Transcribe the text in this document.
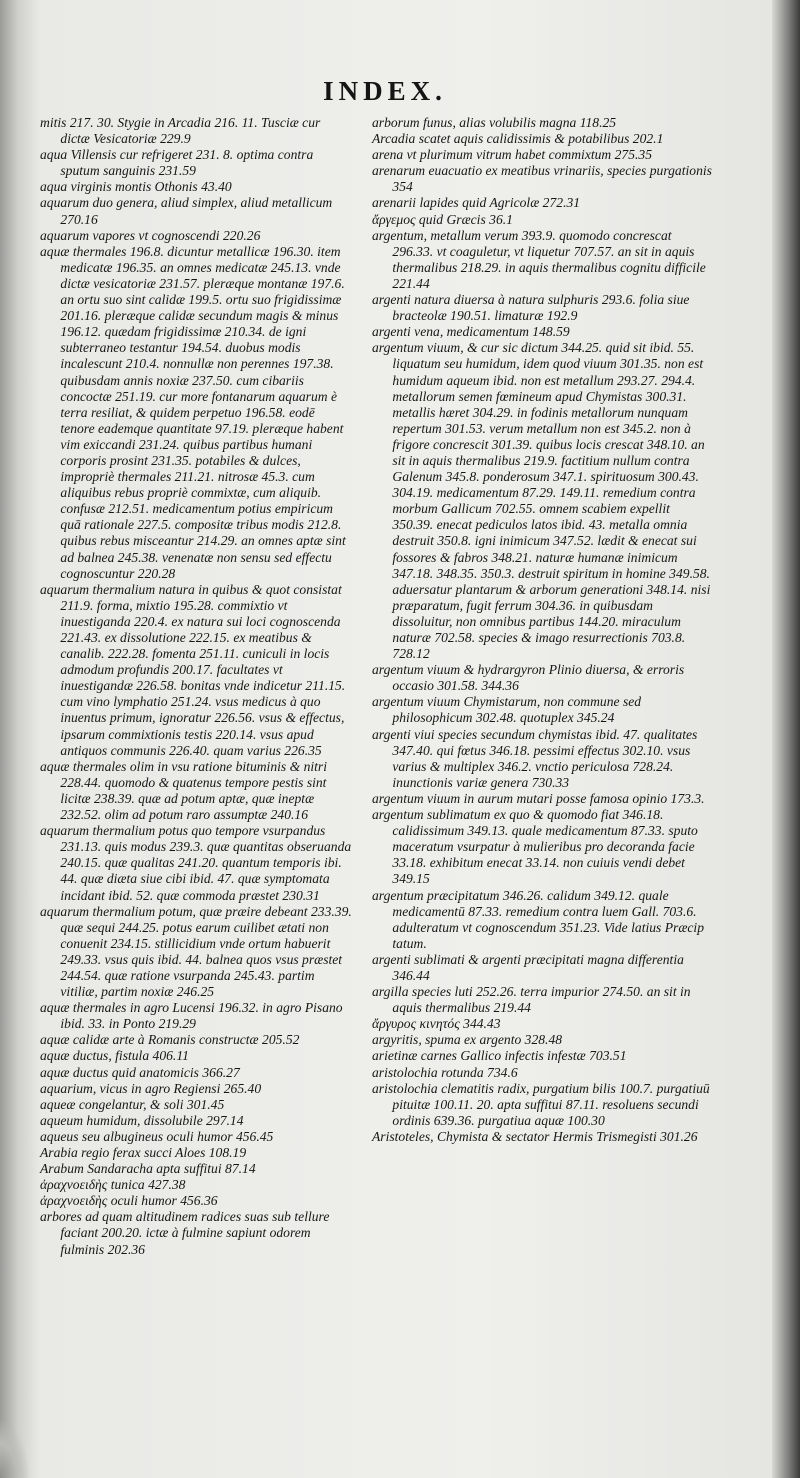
INDEX.

mitis 217. 30. Stygie in Arcadia 216. 11. Tusciæ cur dictæ Vesicatoriæ 229.9

aqua Villensis cur refrigeret 231. 8. optima contra sputum sanguinis 231.59

aqua virginis montis Othonis 43.40

aquarum duo genera, aliud simplex, aliud metallicum 270.16

aquarum vapores vt cognoscendi 220.26

aquæ thermales 196.8. dicuntur metallicæ 196.30. item medicatæ 196.35. an omnes medicatæ 245.13. vnde dictæ vesicatoriæ 231.57. pleræque montanæ 197.6. an ortu suo sint calidæ 199.5. ortu suo frigidissimæ 201.16. pleræque calidæ secundum magis & minus 196.12. quædam frigidissimæ 210.34. de igni subterraneo testantur 194.54. duobus modis incalescunt 210.4. nonnullæ non perennes 197.38. quibusdam annis noxiæ 237.50. cum cibariis concoctæ 251.19. cur more fontanarum aquarum è terra resiliat, & quidem perpetuo 196.58. eodē tenore eademque quantitate 97.19. pleræque habent vim exiccandi 231.24. quibus partibus humani corporis prosint 231.35. potabiles & dulces, impropriè thermales 211.21. nitrosæ 45.3. cum aliquibus rebus propriè commixtæ, cum aliquib. confusæ 212.51. medicamentum potius empiricum quā rationale 227.5. compositæ tribus modis 212.8. quibus rebus misceantur 214.29. an omnes aptæ sint ad balnea 245.38. venenatæ non sensu sed effectu cognoscuntur 220.28

aquarum thermalium natura in quibus & quot consistat 211.9. forma, mixtio 195.28. commixtio vt inuestiganda 220.4. ex natura sui loci cognoscenda 221.43. ex dissolutione 222.15. ex meatibus & canalib. 222.28. fomenta 251.11. cuniculi in locis admodum profundis 200.17. facultates vt inuestigandæ 226.58. bonitas vnde indicetur 211.15. cum vino lymphatio 251.24. vsus medicus à quo inuentus primum, ignoratur 226.56. vsus & effectus, ipsarum commixtionis testis 220.14. vsus apud antiquos communis 226.40. quam varius 226.35

aquæ thermales olim in vsu ratione bituminis & nitri 228.44. quomodo & quatenus tempore pestis sint licitæ 238.39. quæ ad potum aptæ, quæ ineptæ 232.52. olim ad potum raro assumptæ 240.16

aquarum thermalium potus quo tempore vsurpandus 231.13. quis modus 239.3. quæ quantitas obseruanda 240.15. quæ qualitas 241.20. quantum temporis ibi. 44. quæ diæta siue cibi ibid. 47. quæ symptomata incidant ibid. 52. quæ commoda præstet 230.31

aquarum thermalium potum, quæ præire debeant 233.39. quæ sequi 244.25. potus earum cuilibet ætati non conuenit 234.15. stillicidium vnde ortum habuerit 249.33. vsus quis ibid. 44. balnea quos vsus præstet 244.54. quæ ratione vsurpanda 245.43. partim vitiliæ, partim noxiæ 246.25

aquæ thermales in agro Lucensi 196.32. in agro Pisano ibid. 33. in Ponto 219.29

aquæ calidæ arte à Romanis constructæ 205.52

aquæ ductus, fistula 406.11

aquæ ductus quid anatomicis 366.27

aquarium, vicus in agro Regiensi 265.40

aqueæ congelantur, & soli 301.45

aqueum humidum, dissolubile 297.14

aqueus seu albugineus oculi humor 456.45

Arabia regio ferax succi Aloes 108.19

Arabum Sandaracha apta suffitui 87.14

ἀραχνοειδὴς tunica 427.38

ἀραχνοειδὴς oculi humor 456.36

arbores ad quam altitudinem radices suas sub tellure faciant 200.20. ictæ à fulmine sapiunt odorem fulminis 202.36

arborum funus, alias volubilis magna 118.25

Arcadia scatet aquis calidissimis & potabilibus 202.1

arena vt plurimum vitrum habet commixtum 275.35

arenarum euacuatio ex meatibus vrinariis, species purgationis 354

arenarii lapides quid Agricolæ 272.31

ἄργεμος quid Græcis 36.1

argentum, metallum verum 393.9. quomodo concrescat 296.33. vt coaguletur, vt liquetur 707.57. an sit in aquis thermalibus 218.29. in aquis thermalibus cognitu difficile 221.44

argenti natura diuersa à natura sulphuris 293.6. folia siue bracteolæ 190.51. limaturæ 192.9

argenti vena, medicamentum 148.59

argentum viuum, & cur sic dictum 344.25. quid sit ibid. 55. liquatum seu humidum, idem quod viuum 301.35. non est humidum aqueum ibid. non est metallum 293.27. 294.4. metallorum semen fœmineum apud Chymistas 300.31. metallis hæret 304.29. in fodinis metallorum nunquam repertum 301.53. verum metallum non est 345.2. non à frigore concrescit 301.39. quibus locis crescat 348.10. an sit in aquis thermalibus 219.9. factitium nullum contra Galenum 345.8. ponderosum 347.1. spirituosum 300.43. 304.19. medicamentum 87.29. 149.11. remedium contra morbum Gallicum 702.55. omnem scabiem expellit 350.39. enecat pediculos latos ibid. 43. metalla omnia destruit 350.8. igni inimicum 347.52. lædit & enecat sui fossores & fabros 348.21. naturæ humanæ inimicum 347.18. 348.35. 350.3. destruit spiritum in homine 349.58. aduersatur plantarum & arborum generationi 348.14. nisi præparatum, fugit ferrum 304.36. in quibusdam dissoluitur, non omnibus partibus 144.20. miraculum naturæ 702.58. species & imago resurrectionis 703.8. 728.12

argentum viuum & hydrargyron Plinio diuersa, & erroris occasio 301.58. 344.36

argentum viuum Chymistarum, non commune sed philosophicum 302.48. quotuplex 345.24

argenti viui species secundum chymistas ibid. 47. qualitates 347.40. qui fœtus 346.18. pessimi effectus 302.10. vsus varius & multiplex 346.2. vnctio periculosa 728.24. inunctionis variæ genera 730.33

argentum viuum in aurum mutari posse famosa opinio 173.3.

argentum sublimatum ex quo & quomodo fiat 346.18. calidissimum 349.13. quale medicamentum 87.33. sputo maceratum vsurpatur à mulieribus pro decoranda facie 33.18. exhibitum enecat 33.14. non cuiuis vendi debet 349.15

argentum præcipitatum 346.26. calidum 349.12. quale medicamentū 87.33. remedium contra luem Gall. 703.6. adulteratum vt cognoscendum 351.23. Vide latius Præcip tatum.

argenti sublimati & argenti præcipitati magna differentia 346.44

argilla species luti 252.26. terra impurior 274.50. an sit in aquis thermalibus 219.44

ἄργυρος κινητός 344.43

argyritis, spuma ex argento 328.48

arietinæ carnes Gallico infectis infestæ 703.51

aristolochia rotunda 734.6

aristolochia clematitis radix, purgatium bilis 100.7. purgatiuū pituitæ 100.11. 20. apta suffitui 87.11. resoluens secundi ordinis 639.36. purgatiua aquæ 100.30

Aristoteles, Chymista & sectator Hermis Trismegisti 301.26
